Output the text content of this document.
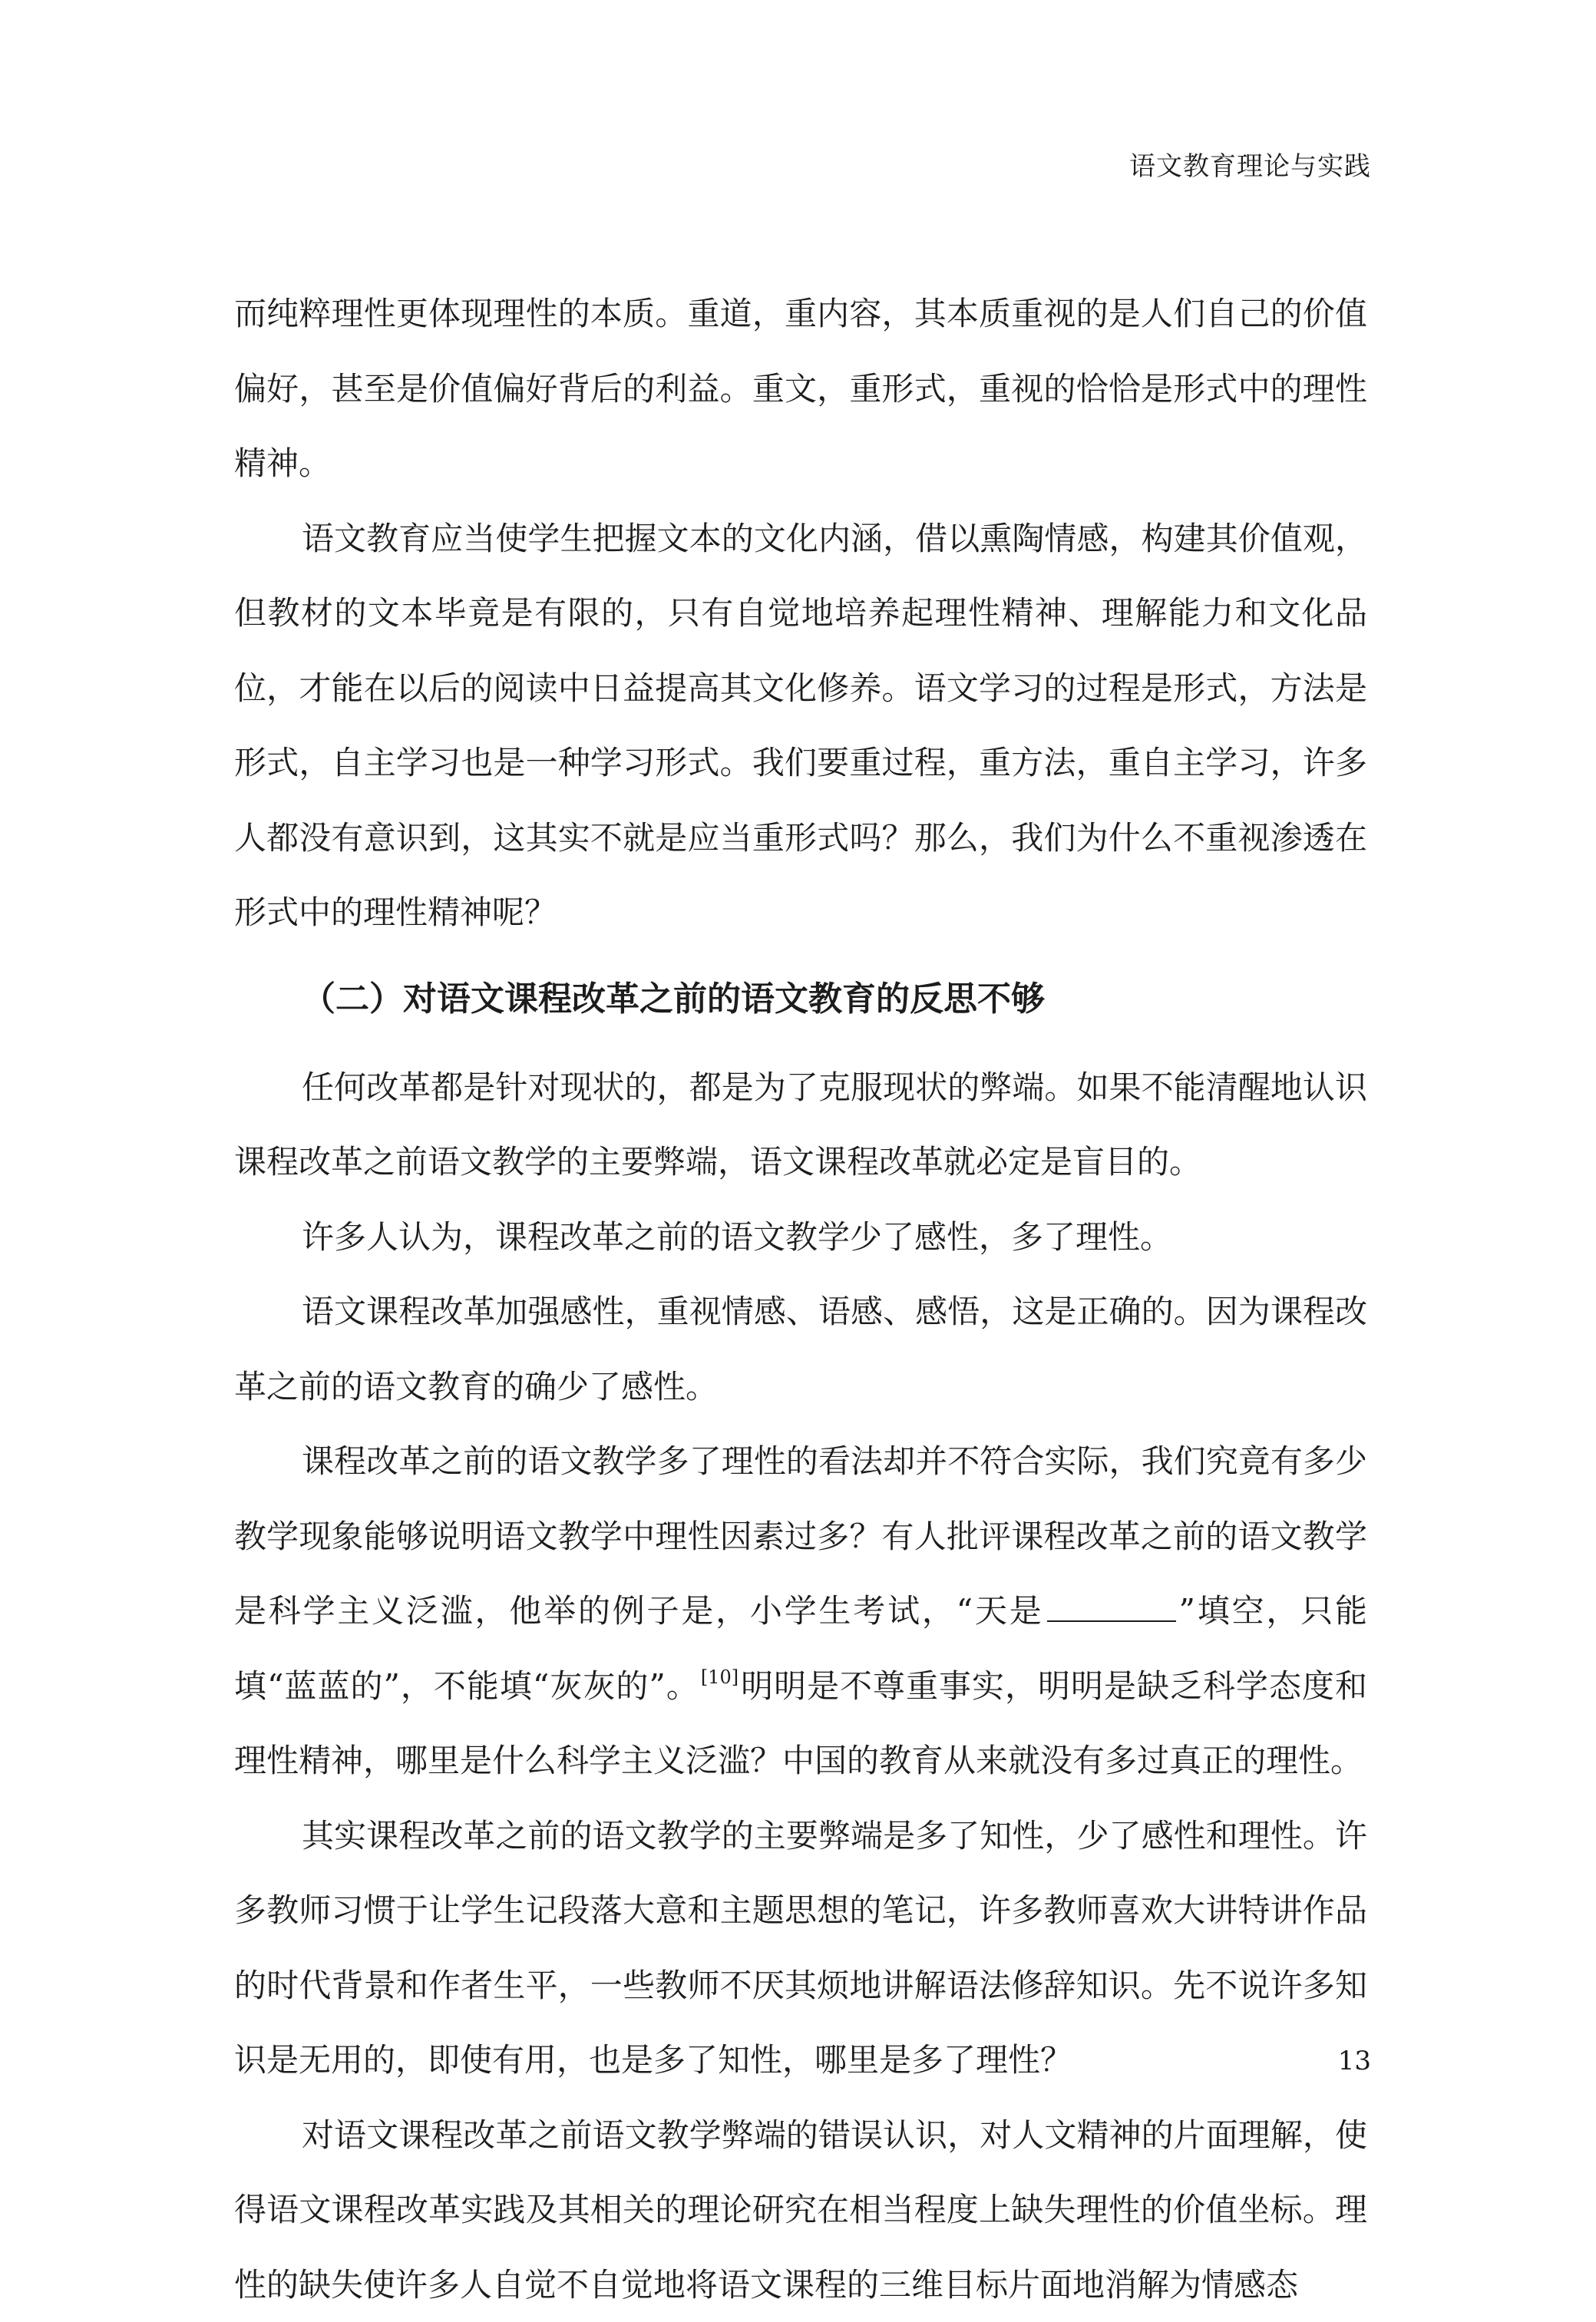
语文教育理论与实践

而纯粹理性更体现理性的本质。重道，重内容，其本质重视的是人们自己的价值偏好，甚至是价值偏好背后的利益。重文，重形式，重视的恰恰是形式中的理性精神。

语文教育应当使学生把握文本的文化内涵，借以熏陶情感，构建其价值观，但教材的文本毕竟是有限的，只有自觉地培养起理性精神、理解能力和文化品位，才能在以后的阅读中日益提高其文化修养。语文学习的过程是形式，方法是形式，自主学习也是一种学习形式。我们要重过程，重方法，重自主学习，许多人都没有意识到，这其实不就是应当重形式吗？那么，我们为什么不重视渗透在形式中的理性精神呢？

（二）对语文课程改革之前的语文教育的反思不够

任何改革都是针对现状的，都是为了克服现状的弊端。如果不能清醒地认识课程改革之前语文教学的主要弊端，语文课程改革就必定是盲目的。

许多人认为，课程改革之前的语文教学少了感性，多了理性。

语文课程改革加强感性，重视情感、语感、感悟，这是正确的。因为课程改革之前的语文教育的确少了感性。

课程改革之前的语文教学多了理性的看法却并不符合实际，我们究竟有多少教学现象能够说明语文教学中理性因素过多？有人批评课程改革之前的语文教学是科学主义泛滥，他举的例子是，小学生考试，“天是	”填空，只能填“蓝蓝的”，不能填“灰灰的”。[10]明明是不尊重事实，明明是缺乏科学态度和理性精神，哪里是什么科学主义泛滥？中国的教育从来就没有多过真正的理性。

其实课程改革之前的语文教学的主要弊端是多了知性，少了感性和理性。许多教师习惯于让学生记段落大意和主题思想的笔记，许多教师喜欢大讲特讲作品的时代背景和作者生平，一些教师不厌其烦地讲解语法修辞知识。先不说许多知识是无用的，即使有用，也是多了知性，哪里是多了理性？

对语文课程改革之前语文教学弊端的错误认识，对人文精神的片面理解，使得语文课程改革实践及其相关的理论研究在相当程度上缺失理性的价值坐标。理性的缺失使许多人自觉不自觉地将语文课程的三维目标片面地消解为情感态

13
